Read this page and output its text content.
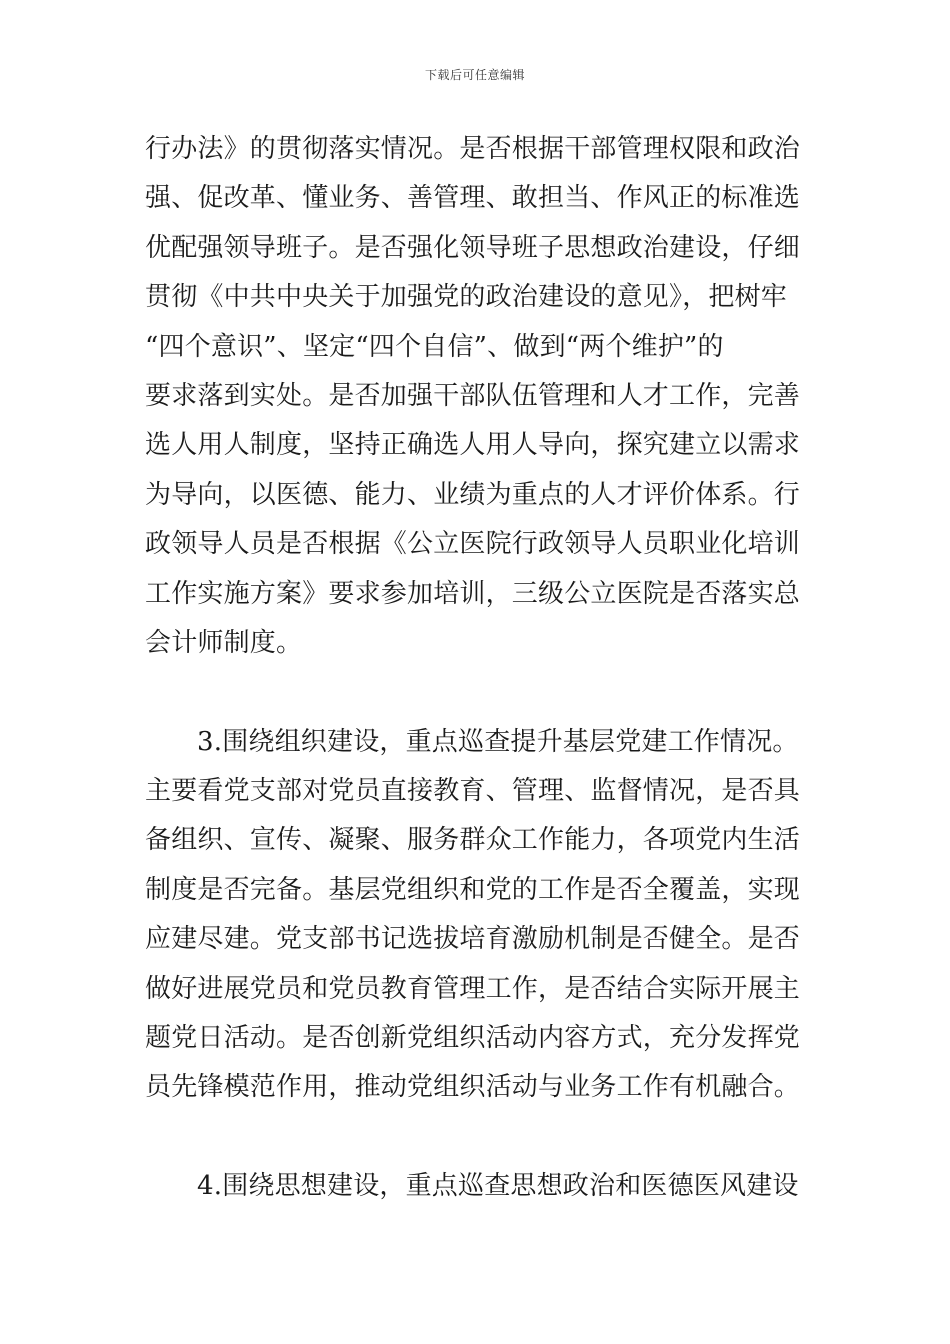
下载后可任意编辑
行办法》的贯彻落实情况。是否根据干部管理权限和政治
强、促改革、懂业务、善管理、敢担当、作风正的标准选
优配强领导班子。是否强化领导班子思想政治建设，仔细
贯彻《中共中央关于加强党的政治建设的意见》，把树牢
“四个意识”、坚定“四个自信”、做到“两个维护”的
要求落到实处。是否加强干部队伍管理和人才工作，完善
选人用人制度，坚持正确选人用人导向，探究建立以需求
为导向，以医德、能力、业绩为重点的人才评价体系。行
政领导人员是否根据《公立医院行政领导人员职业化培训
工作实施方案》要求参加培训，三级公立医院是否落实总
会计师制度。
3.围绕组织建设，重点巡查提升基层党建工作情况。
主要看党支部对党员直接教育、管理、监督情况，是否具
备组织、宣传、凝聚、服务群众工作能力，各项党内生活
制度是否完备。基层党组织和党的工作是否全覆盖，实现
应建尽建。党支部书记选拔培育激励机制是否健全。是否
做好进展党员和党员教育管理工作，是否结合实际开展主
题党日活动。是否创新党组织活动内容方式，充分发挥党
员先锋模范作用，推动党组织活动与业务工作有机融合。
4.围绕思想建设，重点巡查思想政治和医德医风建设
